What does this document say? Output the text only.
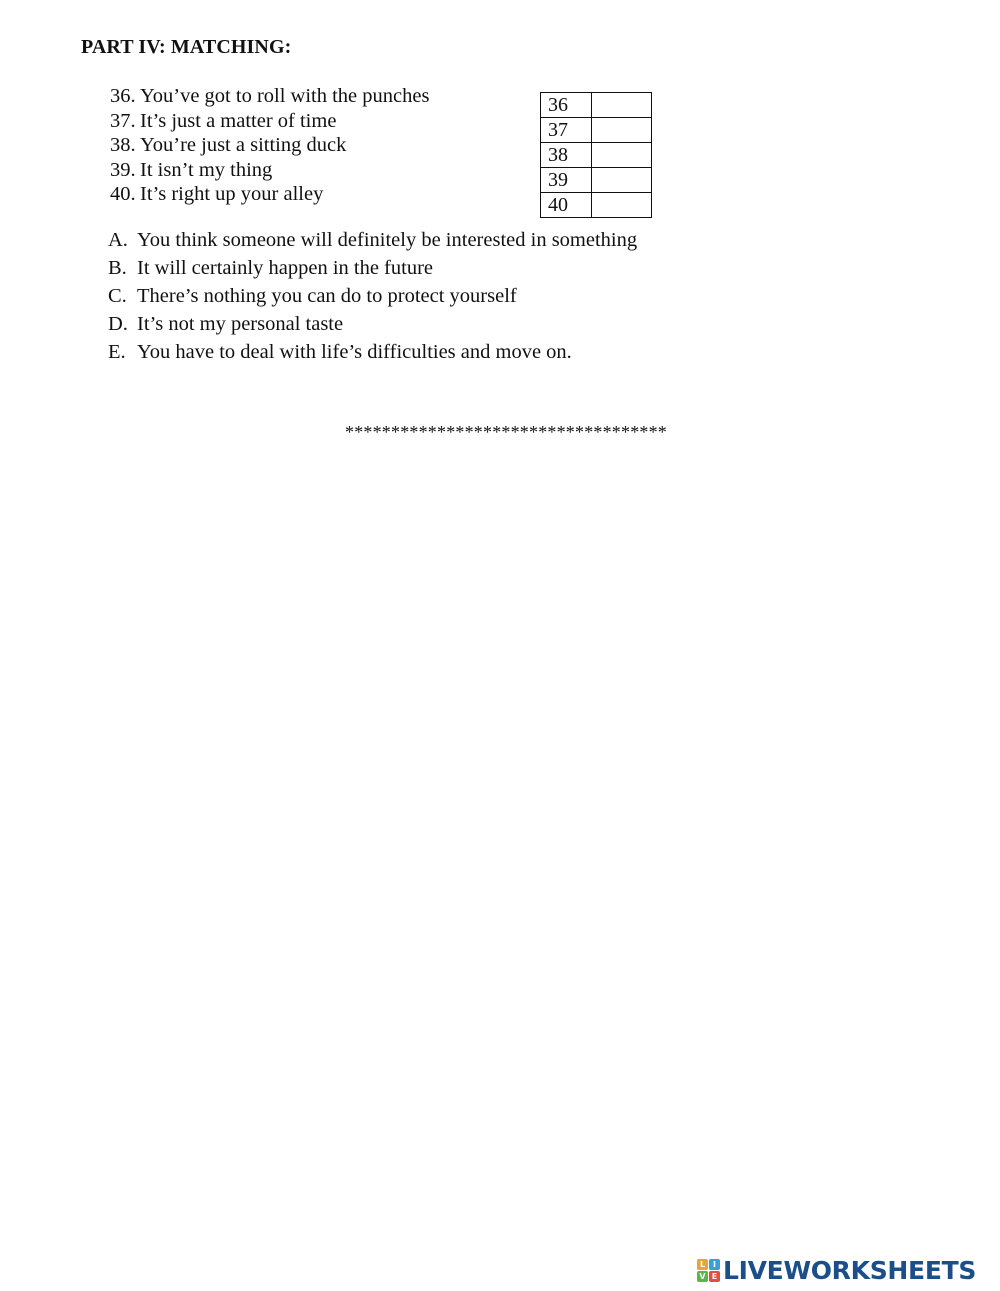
PART IV: MATCHING:
36. You’ve got to roll with the punches
37. It’s just a matter of time
38. You’re just a sitting duck
39. It isn’t my thing
40. It’s right up your alley
36	
37	
38	
39	
40	
A. You think someone will definitely be interested in something
B. It will certainly happen in the future
C. There’s nothing you can do to protect yourself
D. It’s not my personal taste
E. You have to deal with life’s difficulties and move on.
***********************************
L I
V E LIVEWORKSHEETS
